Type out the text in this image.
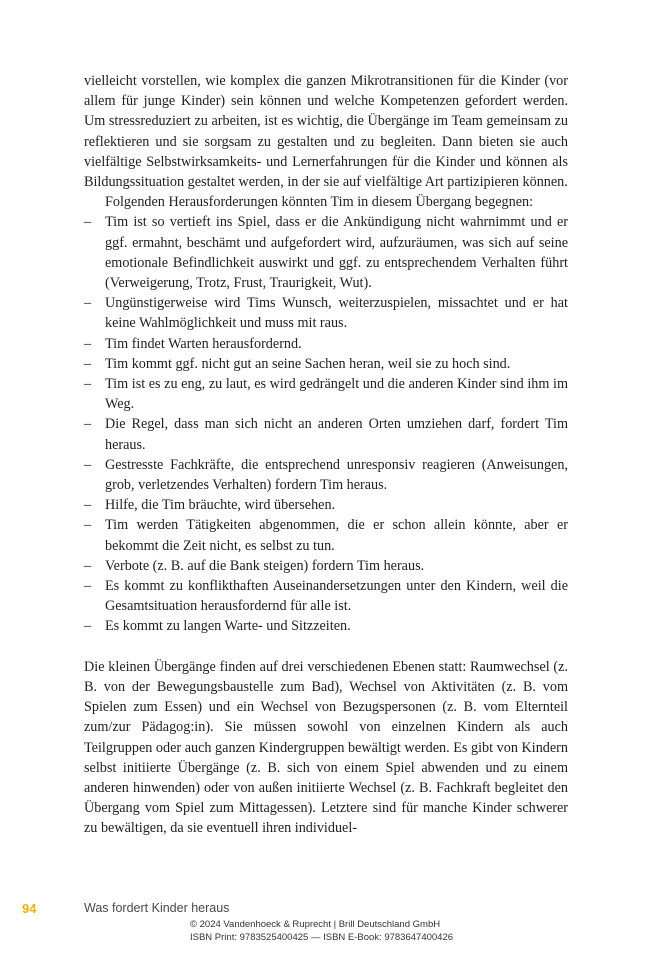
vielleicht vorstellen, wie komplex die ganzen Mikrotransitionen für die Kinder (vor allem für junge Kinder) sein können und welche Kompetenzen gefordert werden. Um stressreduziert zu arbeiten, ist es wichtig, die Übergänge im Team gemeinsam zu reflektieren und sie sorgsam zu gestalten und zu begleiten. Dann bieten sie auch vielfältige Selbstwirksamkeits- und Lernerfahrungen für die Kinder und können als Bildungssituation gestaltet werden, in der sie auf vielfältige Art partizipieren können.

Folgenden Herausforderungen könnten Tim in diesem Übergang begegnen:

– Tim ist so vertieft ins Spiel, dass er die Ankündigung nicht wahrnimmt und er ggf. ermahnt, beschämt und aufgefordert wird, aufzuräumen, was sich auf seine emotionale Befindlichkeit auswirkt und ggf. zu entsprechendem Verhalten führt (Verweigerung, Trotz, Frust, Traurigkeit, Wut).
– Ungünstigerweise wird Tims Wunsch, weiterzuspielen, missachtet und er hat keine Wahlmöglichkeit und muss mit raus.
– Tim findet Warten herausfordernd.
– Tim kommt ggf. nicht gut an seine Sachen heran, weil sie zu hoch sind.
– Tim ist es zu eng, zu laut, es wird gedrängelt und die anderen Kinder sind ihm im Weg.
– Die Regel, dass man sich nicht an anderen Orten umziehen darf, fordert Tim heraus.
– Gestresste Fachkräfte, die entsprechend unresponsiv reagieren (Anweisungen, grob, verletzendes Verhalten) fordern Tim heraus.
– Hilfe, die Tim bräuchte, wird übersehen.
– Tim werden Tätigkeiten abgenommen, die er schon allein könnte, aber er bekommt die Zeit nicht, es selbst zu tun.
– Verbote (z. B. auf die Bank steigen) fordern Tim heraus.
– Es kommt zu konflikthaften Auseinandersetzungen unter den Kindern, weil die Gesamtsituation herausfordernd für alle ist.
– Es kommt zu langen Warte- und Sitzzeiten.

Die kleinen Übergänge finden auf drei verschiedenen Ebenen statt: Raumwechsel (z. B. von der Bewegungsbaustelle zum Bad), Wechsel von Aktivitäten (z. B. vom Spielen zum Essen) und ein Wechsel von Bezugspersonen (z. B. vom Elternteil zum/zur Pädagog:in). Sie müssen sowohl von einzelnen Kindern als auch Teilgruppen oder auch ganzen Kindergruppen bewältigt werden. Es gibt von Kindern selbst initiierte Übergänge (z. B. sich von einem Spiel abwenden und zu einem anderen hinwenden) oder von außen initiierte Wechsel (z. B. Fachkraft begleitet den Übergang vom Spiel zum Mittagessen). Letztere sind für manche Kinder schwerer zu bewältigen, da sie eventuell ihren individuel-

94	Was fordert Kinder heraus
© 2024 Vandenhoeck & Ruprecht | Brill Deutschland GmbH
ISBN Print: 9783525400425 — ISBN E-Book: 9783647400426
